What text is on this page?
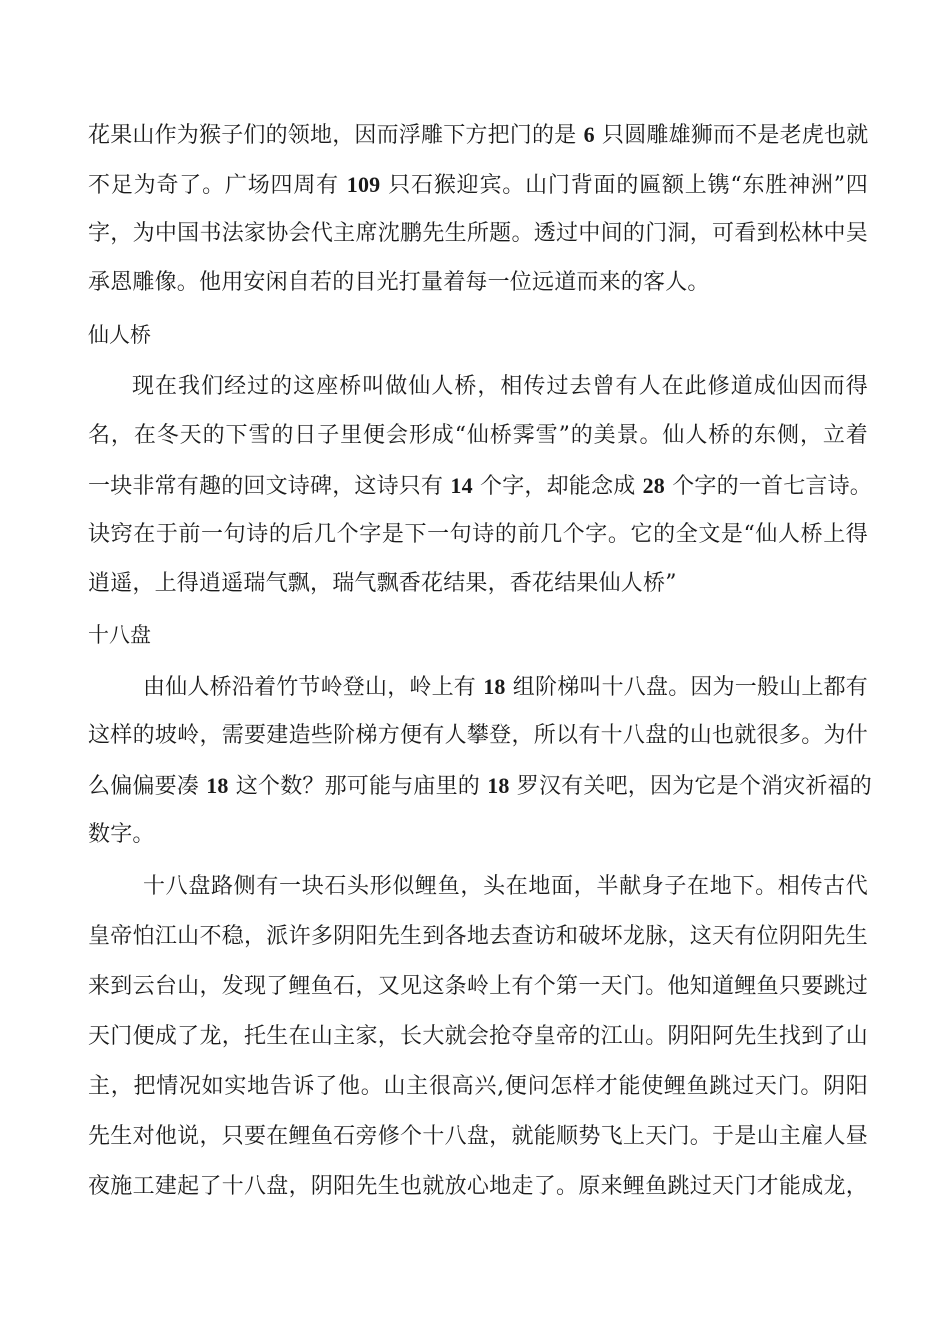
花果山作为猴子们的领地，因而浮雕下方把门的是 6 只圆雕雄狮而不是老虎也就
不足为奇了。广场四周有 109 只石猴迎宾。山门背面的匾额上镌“东胜神洲”四
字，为中国书法家协会代主席沈鹏先生所题。透过中间的门洞，可看到松林中吴
承恩雕像。他用安闲自若的目光打量着每一位远道而来的客人。
仙人桥
现在我们经过的这座桥叫做仙人桥，相传过去曾有人在此修道成仙因而得
名，在冬天的下雪的日子里便会形成“仙桥霁雪”的美景。仙人桥的东侧，立着
一块非常有趣的回文诗碑，这诗只有 14 个字，却能念成 28 个字的一首七言诗。
诀窍在于前一句诗的后几个字是下一句诗的前几个字。它的全文是“仙人桥上得
逍遥，上得逍遥瑞气飘，瑞气飘香花结果，香花结果仙人桥”
十八盘
由仙人桥沿着竹节岭登山，岭上有 18 组阶梯叫十八盘。因为一般山上都有
这样的坡岭，需要建造些阶梯方便有人攀登，所以有十八盘的山也就很多。为什
么偏偏要凑 18 这个数？那可能与庙里的 18 罗汉有关吧，因为它是个消灾祈福的
数字。
十八盘路侧有一块石头形似鲤鱼，头在地面，半献身子在地下。相传古代
皇帝怕江山不稳，派许多阴阳先生到各地去查访和破坏龙脉，这天有位阴阳先生
来到云台山，发现了鲤鱼石，又见这条岭上有个第一天门。他知道鲤鱼只要跳过
天门便成了龙，托生在山主家，长大就会抢夺皇帝的江山。阴阳阿先生找到了山
主，把情况如实地告诉了他。山主很高兴,便问怎样才能使鲤鱼跳过天门。阴阳
先生对他说，只要在鲤鱼石旁修个十八盘，就能顺势飞上天门。于是山主雇人昼
夜施工建起了十八盘，阴阳先生也就放心地走了。原来鲤鱼跳过天门才能成龙，
